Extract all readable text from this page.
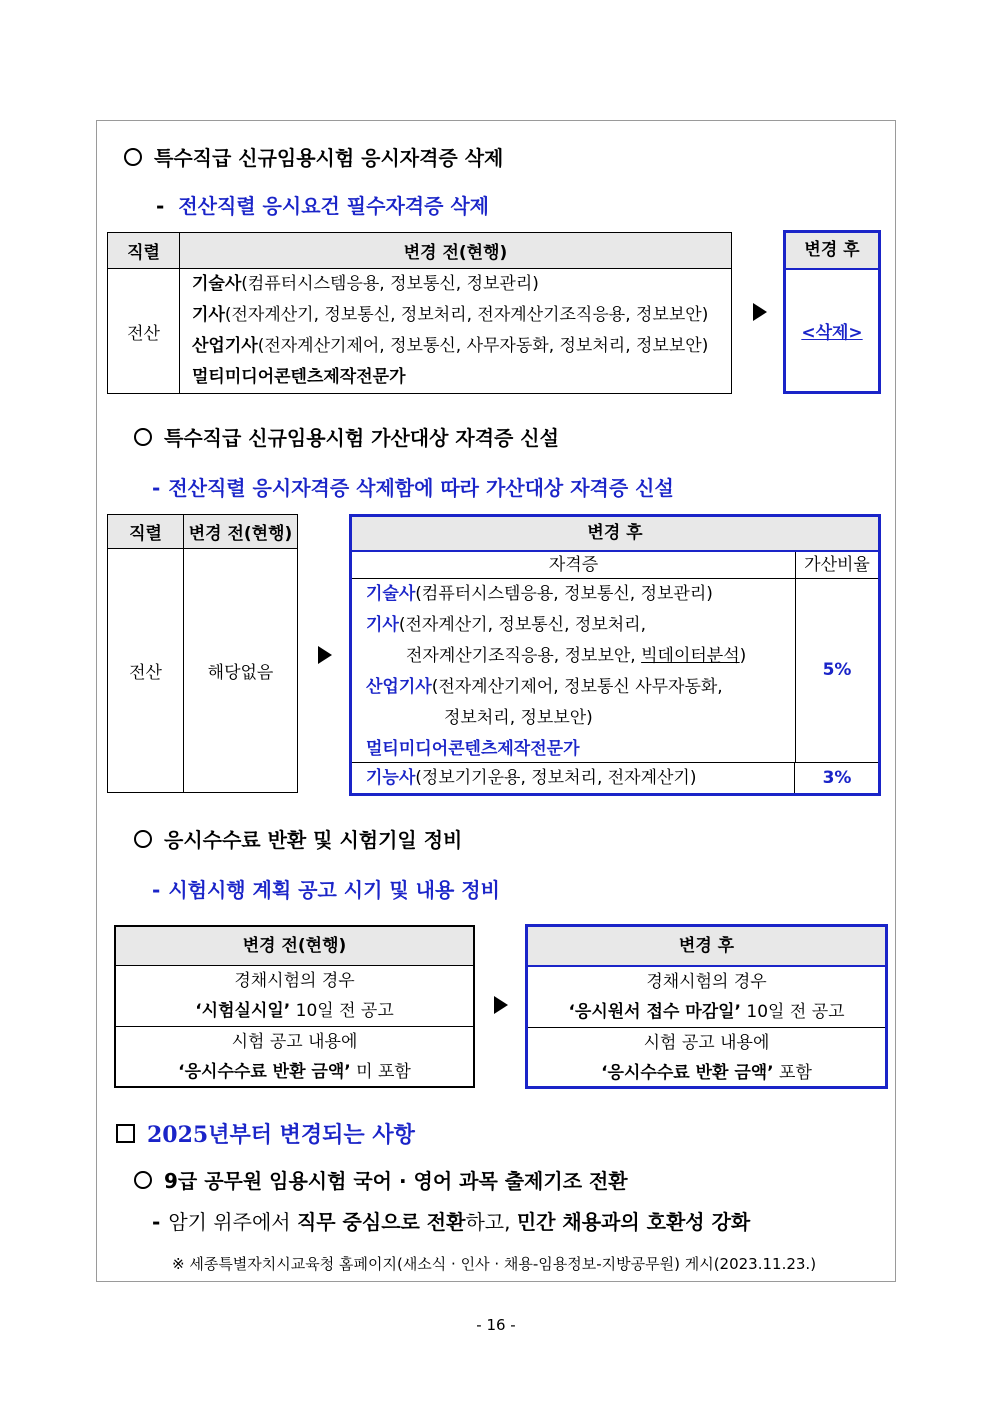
특수직급 신규임용시험 응시자격증 삭제
- 전산직렬 응시요건 필수자격증 삭제
직렬	변경 전(현행)
전산	기술사(컴퓨터시스템응용, 정보통신, 정보관리)
기사(전자계산기, 정보통신, 정보처리, 전자계산기조직응용, 정보보안)
산업기사(전자계산기제어, 정보통신, 사무자동화, 정보처리, 정보보안)
멀티미디어콘텐츠제작전문가
변경 후
<삭제>
특수직급 신규임용시험 가산대상 자격증 신설
- 전산직렬 응시자격증 삭제함에 따라 가산대상 자격증 신설
직렬	변경 전(현행)
전산	해당없음
변경 후
자격증	가산비율
기술사(컴퓨터시스템응용, 정보통신, 정보관리)
기사(전자계산기, 정보통신, 정보처리,
전자계산기조직응용, 정보보안, 빅데이터분석)
산업기사(전자계산기제어, 정보통신 사무자동화,
정보처리, 정보보안)
멀티미디어콘텐츠제작전문가
5%
기능사(정보기기운용, 정보처리, 전자계산기)	3%
응시수수료 반환 및 시험기일 정비
- 시험시행 계획 공고 시기 및 내용 정비
변경 전(현행)
경채시험의 경우
‘시험실시일’ 10일 전 공고
시험 공고 내용에
‘응시수수료 반환 금액’ 미 포함
변경 후
경채시험의 경우
‘응시원서 접수 마감일’ 10일 전 공고
시험 공고 내용에
‘응시수수료 반환 금액’ 포함
2025년부터 변경되는 사항
9급 공무원 임용시험 국어 · 영어 과목 출제기조 전환
- 암기 위주에서 직무 중심으로 전환하고, 민간 채용과의 호환성 강화
※ 세종특별자치시교육청 홈페이지(새소식 · 인사 · 채용-임용정보-지방공무원) 게시(2023.11.23.)
- 16 -
